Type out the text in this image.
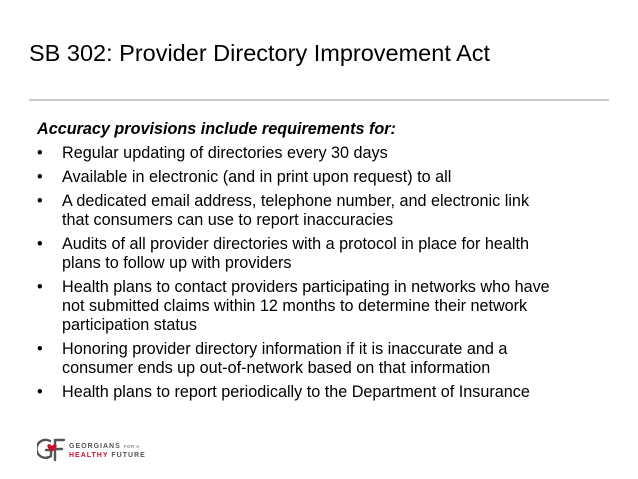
SB 302: Provider Directory Improvement Act
Accuracy provisions include requirements for:
• Regular updating of directories every 30 days
• Available in electronic (and in print upon request) to all
• A dedicated email address, telephone number, and electronic link
that consumers can use to report inaccuracies
• Audits of all provider directories with a protocol in place for health
plans to follow up with providers
• Health plans to contact providers participating in networks who have
not submitted claims within 12 months to determine their network
participation status
• Honoring provider directory information if it is inaccurate and a
consumer ends up out-of-network based on that information
• Health plans to report periodically to the Department of Insurance
GEORGIANS FOR A
HEALTHY FUTURE
